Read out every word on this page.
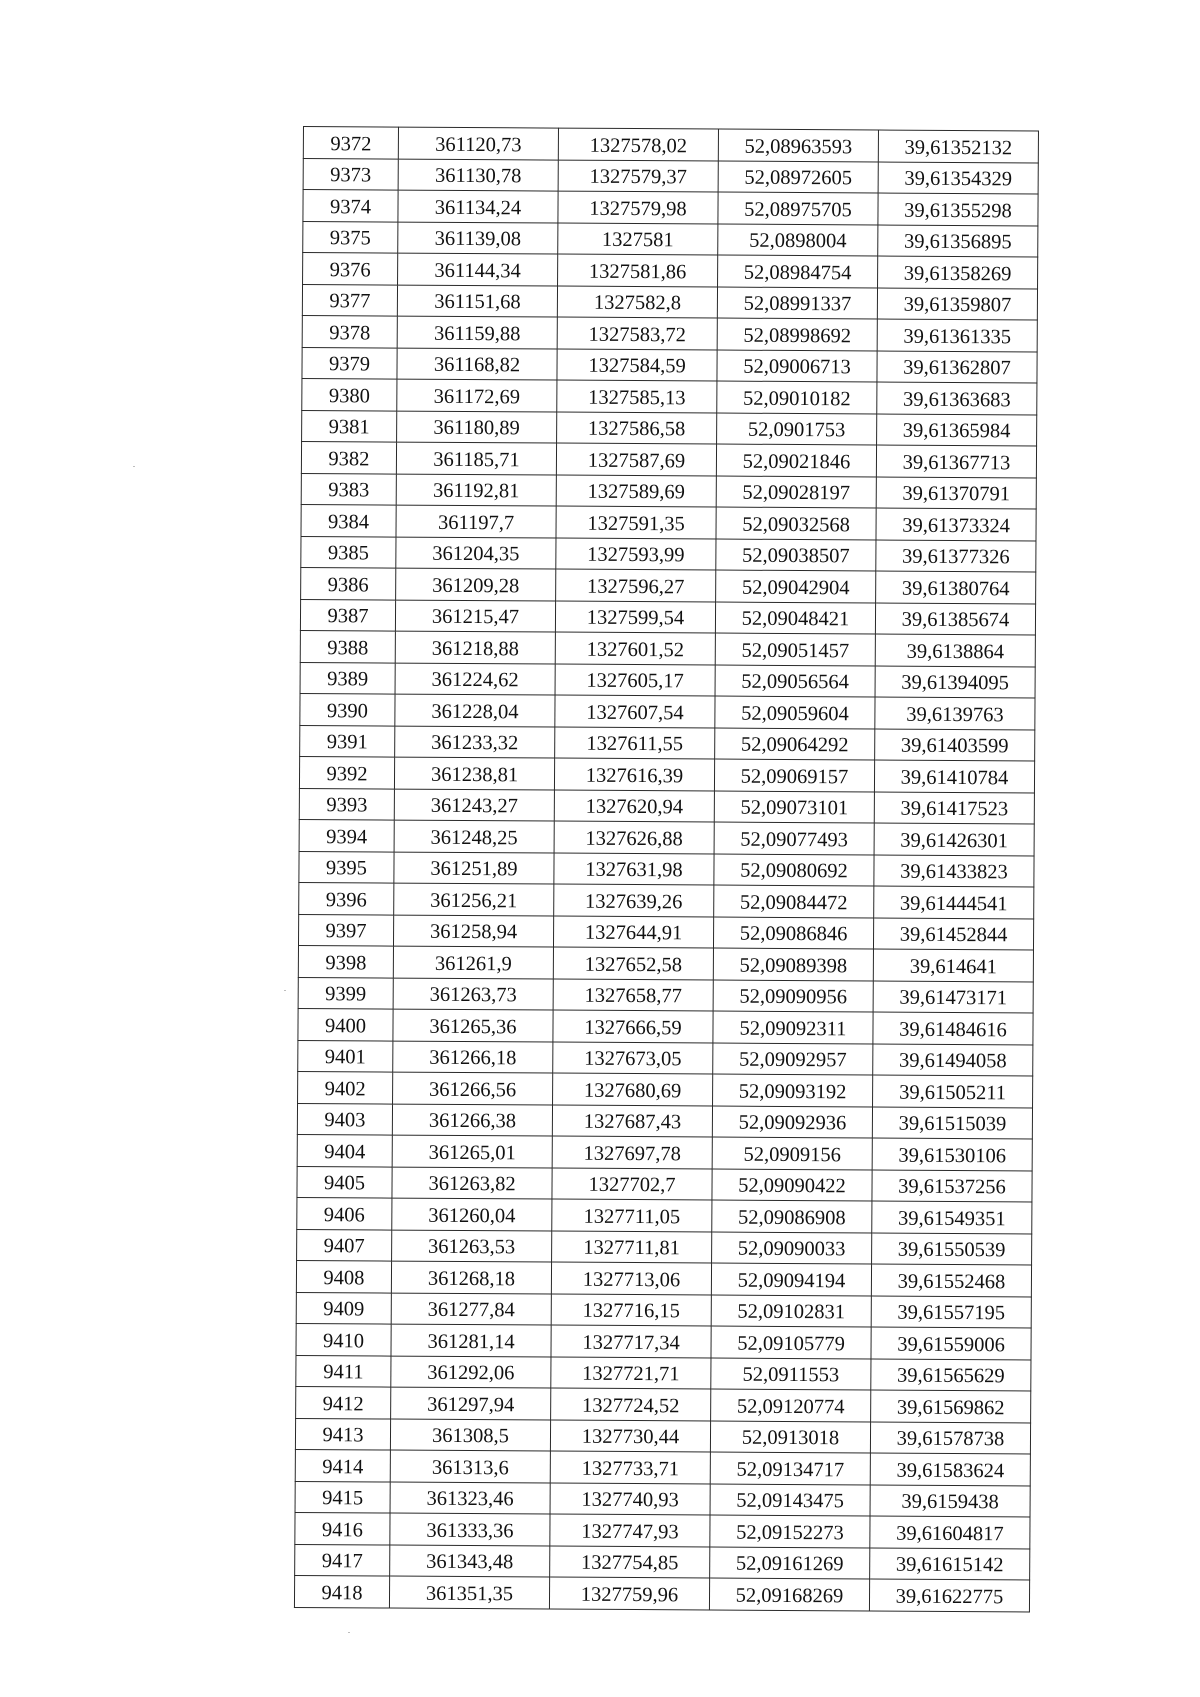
9372	361120,73	1327578,02	52,08963593	39,61352132
9373	361130,78	1327579,37	52,08972605	39,61354329
9374	361134,24	1327579,98	52,08975705	39,61355298
9375	361139,08	1327581	52,0898004	39,61356895
9376	361144,34	1327581,86	52,08984754	39,61358269
9377	361151,68	1327582,8	52,08991337	39,61359807
9378	361159,88	1327583,72	52,08998692	39,61361335
9379	361168,82	1327584,59	52,09006713	39,61362807
9380	361172,69	1327585,13	52,09010182	39,61363683
9381	361180,89	1327586,58	52,0901753	39,61365984
9382	361185,71	1327587,69	52,09021846	39,61367713
9383	361192,81	1327589,69	52,09028197	39,61370791
9384	361197,7	1327591,35	52,09032568	39,61373324
9385	361204,35	1327593,99	52,09038507	39,61377326
9386	361209,28	1327596,27	52,09042904	39,61380764
9387	361215,47	1327599,54	52,09048421	39,61385674
9388	361218,88	1327601,52	52,09051457	39,6138864
9389	361224,62	1327605,17	52,09056564	39,61394095
9390	361228,04	1327607,54	52,09059604	39,6139763
9391	361233,32	1327611,55	52,09064292	39,61403599
9392	361238,81	1327616,39	52,09069157	39,61410784
9393	361243,27	1327620,94	52,09073101	39,61417523
9394	361248,25	1327626,88	52,09077493	39,61426301
9395	361251,89	1327631,98	52,09080692	39,61433823
9396	361256,21	1327639,26	52,09084472	39,61444541
9397	361258,94	1327644,91	52,09086846	39,61452844
9398	361261,9	1327652,58	52,09089398	39,614641
9399	361263,73	1327658,77	52,09090956	39,61473171
9400	361265,36	1327666,59	52,09092311	39,61484616
9401	361266,18	1327673,05	52,09092957	39,61494058
9402	361266,56	1327680,69	52,09093192	39,61505211
9403	361266,38	1327687,43	52,09092936	39,61515039
9404	361265,01	1327697,78	52,0909156	39,61530106
9405	361263,82	1327702,7	52,09090422	39,61537256
9406	361260,04	1327711,05	52,09086908	39,61549351
9407	361263,53	1327711,81	52,09090033	39,61550539
9408	361268,18	1327713,06	52,09094194	39,61552468
9409	361277,84	1327716,15	52,09102831	39,61557195
9410	361281,14	1327717,34	52,09105779	39,61559006
9411	361292,06	1327721,71	52,0911553	39,61565629
9412	361297,94	1327724,52	52,09120774	39,61569862
9413	361308,5	1327730,44	52,0913018	39,61578738
9414	361313,6	1327733,71	52,09134717	39,61583624
9415	361323,46	1327740,93	52,09143475	39,6159438
9416	361333,36	1327747,93	52,09152273	39,61604817
9417	361343,48	1327754,85	52,09161269	39,61615142
9418	361351,35	1327759,96	52,09168269	39,61622775
